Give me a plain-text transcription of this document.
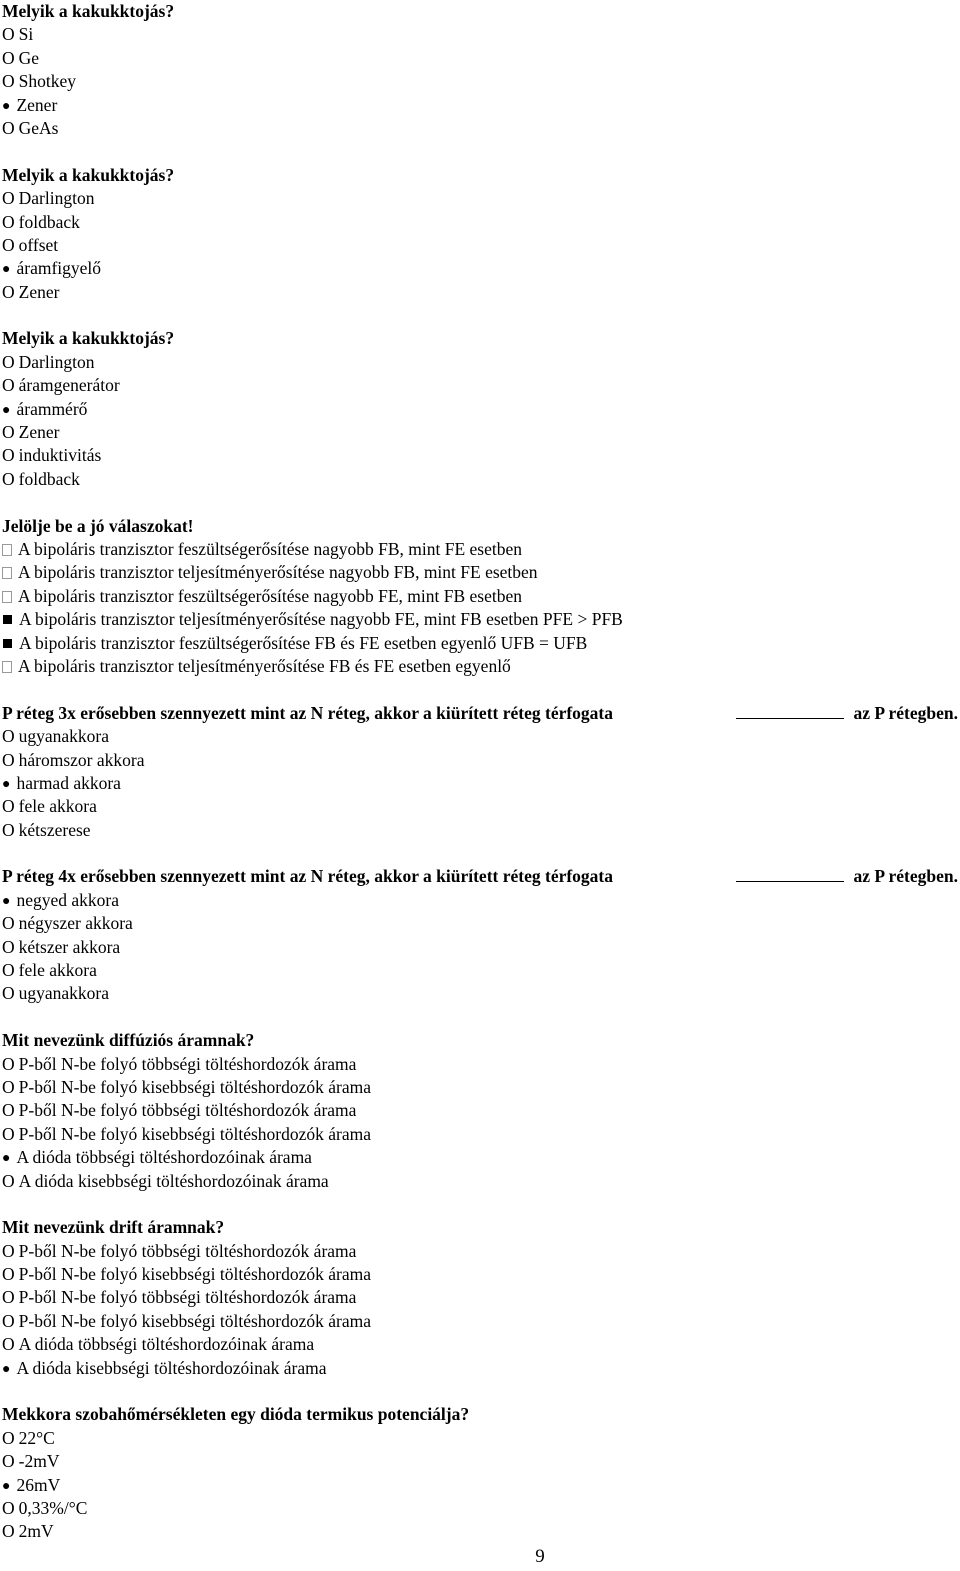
Melyik a kakukktojás?
O Si
O Ge
O Shotkey
● Zener
O GeAs
Melyik a kakukktojás?
O Darlington
O foldback
O offset
● áramfigyelő
O Zener
Melyik a kakukktojás?
O Darlington
O áramgenerátor
● árammérő
O Zener
O induktivitás
O foldback
Jelölje be a jó válaszokat!
A bipoláris tranzisztor feszültségerősítése nagyobb FB, mint FE esetben
A bipoláris tranzisztor teljesítményerősítése nagyobb FB, mint FE esetben
A bipoláris tranzisztor feszültségerősítése nagyobb FE, mint FB esetben
A bipoláris tranzisztor teljesítményerősítése nagyobb FE, mint FB esetben PFE > PFB
A bipoláris tranzisztor feszültségerősítése FB és FE esetben egyenlő UFB = UFB
A bipoláris tranzisztor teljesítményerősítése FB és FE esetben egyenlő
P réteg 3x erősebben szennyezett mint az N réteg, akkor a kiürített réteg térfogata	az P rétegben.
O ugyanakkora
O háromszor akkora
● harmad akkora
O fele akkora
O kétszerese
P réteg 4x erősebben szennyezett mint az N réteg, akkor a kiürített réteg térfogata	az P rétegben.
● negyed akkora
O négyszer akkora
O kétszer akkora
O fele akkora
O ugyanakkora
Mit nevezünk diffúziós áramnak?
O P-ből N-be folyó többségi töltéshordozók árama
O P-ből N-be folyó kisebbségi töltéshordozók árama
O P-ből N-be folyó többségi töltéshordozók árama
O P-ből N-be folyó kisebbségi töltéshordozók árama
● A dióda többségi töltéshordozóinak árama
O A dióda kisebbségi töltéshordozóinak árama
Mit nevezünk drift áramnak?
O P-ből N-be folyó többségi töltéshordozók árama
O P-ből N-be folyó kisebbségi töltéshordozók árama
O P-ből N-be folyó többségi töltéshordozók árama
O P-ből N-be folyó kisebbségi töltéshordozók árama
O A dióda többségi töltéshordozóinak árama
● A dióda kisebbségi töltéshordozóinak árama
Mekkora szobahőmérsékleten egy dióda termikus potenciálja?
O 22°C
O -2mV
● 26mV
O 0,33%/°C
O 2mV
9
